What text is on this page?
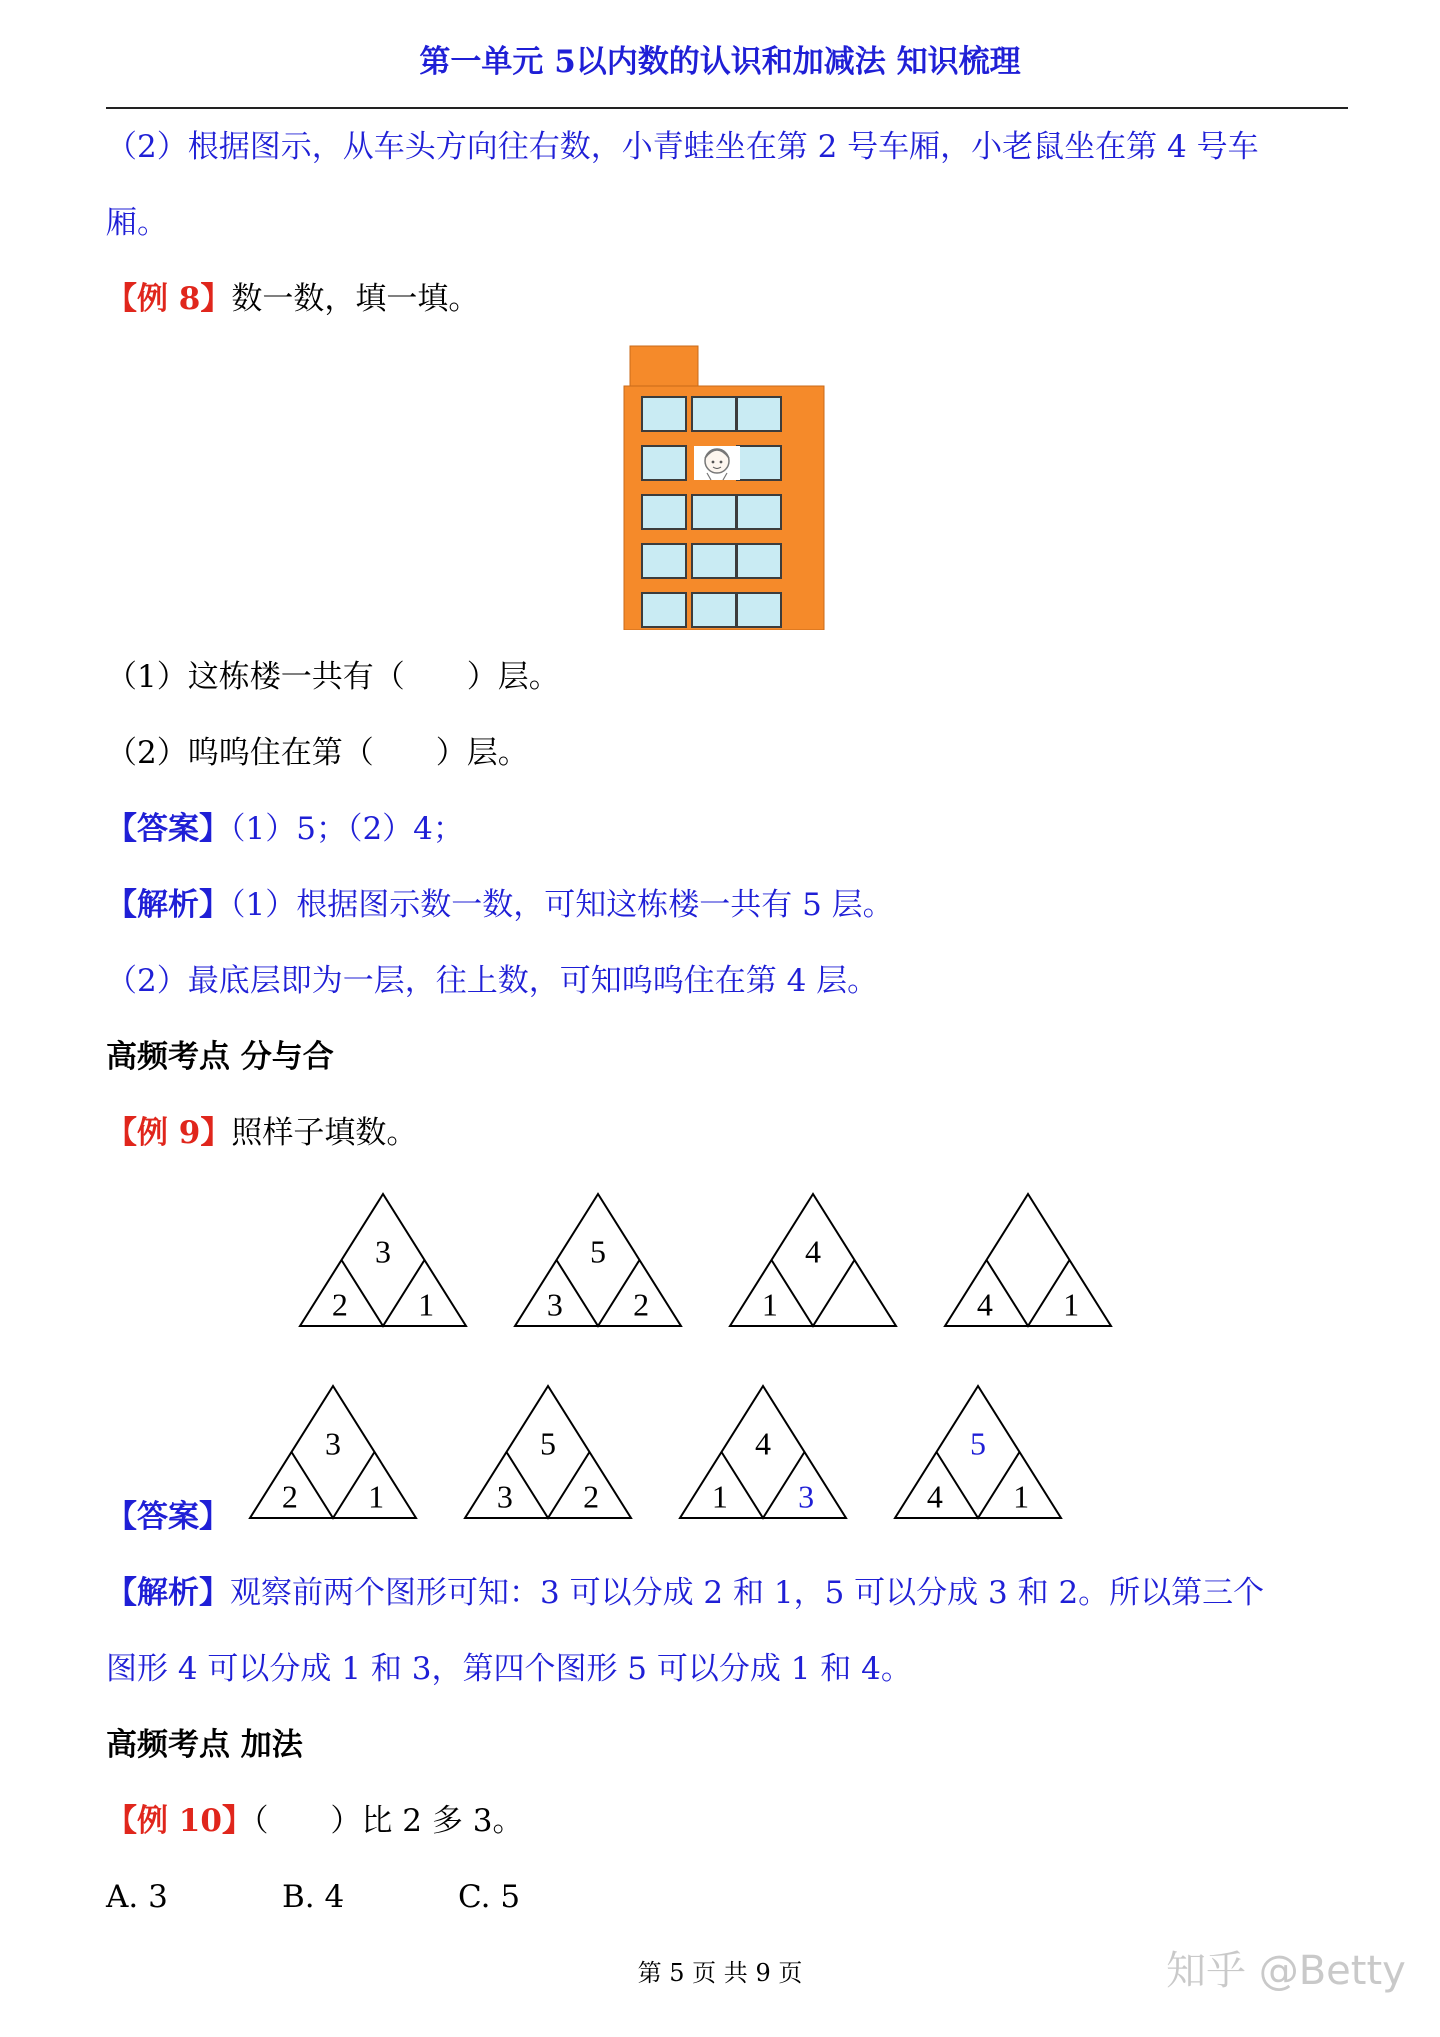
第一单元 5以内数的认识和加减法 知识梳理
（2）根据图示，从车头方向往右数，小青蛙坐在第 2 号车厢，小老鼠坐在第 4 号车
厢。
【例 8】数一数，填一填。
（1）这栋楼一共有（　　）层。
（2）呜呜住在第（　　）层。
【答案】（1）5；（2）4；
【解析】（1）根据图示数一数，可知这栋楼一共有 5 层。
（2）最底层即为一层，往上数，可知呜呜住在第 4 层。
高频考点 分与合
【例 9】照样子填数。
3
2 1
5
3 2
4
1	4 1
【答案】
3
2 1
5
3 2
4
1 3
5
4 1
【解析】观察前两个图形可知：3 可以分成 2 和 1，5 可以分成 3 和 2。所以第三个
图形 4 可以分成 1 和 3，第四个图形 5 可以分成 1 和 4。
高频考点 加法
【例 10】（　　）比 2 多 3。
A. 3	B. 4	C. 5
第 5 页 共 9 页	知乎 @Betty
